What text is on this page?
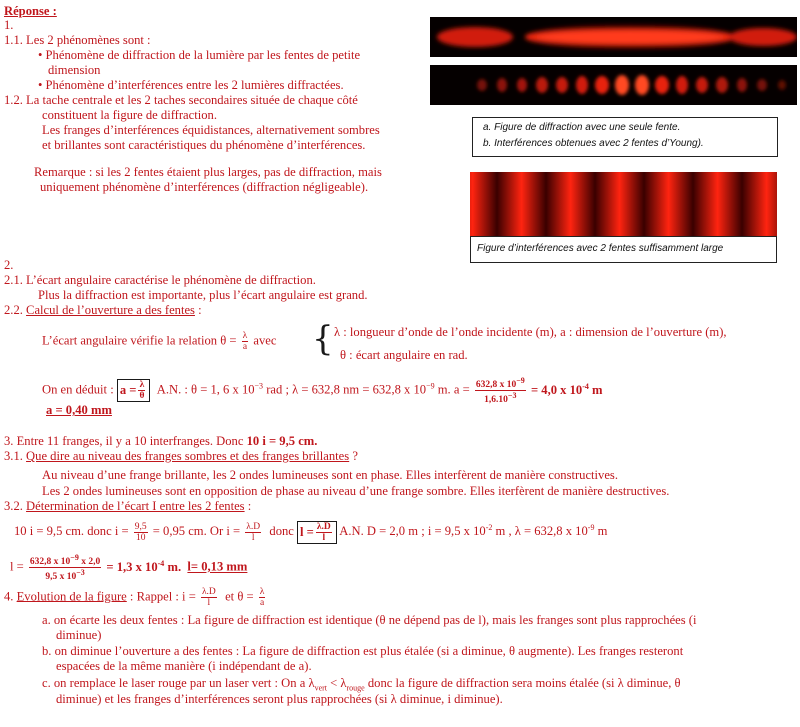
Réponse :
1.
1.1. Les 2 phénomènes sont :
• Phénomène de diffraction de la lumière par les fentes de petite
dimension
• Phénomène d’interférences entre les 2 lumières diffractées.
1.2. La tache centrale et les 2 taches secondaires située de chaque côté
constituent la figure de diffraction.
Les franges d’interférences équidistances, alternativement sombres
et brillantes sont caractéristiques du phénomène d’interférences.
Remarque : si les 2 fentes étaient plus larges, pas de diffraction, mais
uniquement phénomène d’interférences (diffraction négligeable).
a. Figure de diffraction avec une seule fente.
b. Interférences obtenues avec 2 fentes d’Young).
Figure d’interférences avec 2 fentes suffisamment large
2.
2.1. L’écart angulaire caractérise le phénomène de diffraction.
Plus la diffraction est importante, plus l’écart angulaire est grand.
2.2. Calcul de l’ouverture a des fentes :
L’écart angulaire vérifie la relation $\theta = \frac{\lambda}{a}$ avec { λ : longueur d’onde de l’onde incidente (m), a : dimension de l’ouverture (m),
θ : écart angulaire en rad.
On en déduit : $a = \frac{\lambda}{\theta} A.N$. : θ = 1, 6 x $10^{-3}$ rad ; λ = 632,8 nm = 632,8 x $10^{-9}$ m. $a = \frac{632,8 x 10^{-9}}{1,6.10^{-3}} = 4,0$ x $10^{-4}$ m
a = 0,40 mm
3. Entre 11 franges, il y a 10 interfranges. Donc 10 i = 9,5 cm.
3.1. Que dire au niveau des franges sombres et des franges brillantes ?
Au niveau d’une frange brillante, les 2 ondes lumineuses sont en phase. Elles interfèrent de manière constructives.
Les 2 ondes lumineuses sont en opposition de phase au niveau d’une frange sombre. Elles iterfèrent de manière destructives.
3.2. Détermination de l’écart I entre les 2 fentes :
10 i = 9,5 cm. donc $i = \frac{9,5}{10} = 0,95$ cm. Or $i = \frac{\lambda.D}{l}$ donc $l = \frac{\lambda.D}{l} A.N$. D = 2,0 m ; i = 9,5 x $10^{-2}$ m , λ = 632,8 x $10^{-9}$ m
$l = \frac{632,8 x 10^{-9} x 2,0}{9,5 x 10^{-3}} = 1,3$ x $10^{-4}$ m. l= 0,13 mm
4. Evolution de la figure : Rappel : $i = \frac{\lambda.D}{l}$ et $\theta = \frac{\lambda}{a}$
a. on écarte les deux fentes : La figure de diffraction est identique (θ ne dépend pas de l), mais les franges sont plus rapprochées (i
diminue)
b. on diminue l’ouverture a des fentes : La figure de diffraction est plus étalée (si a diminue, θ augmente). Les franges resteront
espacées de la même manière (i indépendant de a).
c. on remplace le laser rouge par un laser vert : On a $\lambda_{vert} < \lambda_{rouge}$ donc la figure de diffraction sera moins étalée (si λ diminue, θ
diminue) et les franges d’interférences seront plus rapprochées (si λ diminue, i diminue).
